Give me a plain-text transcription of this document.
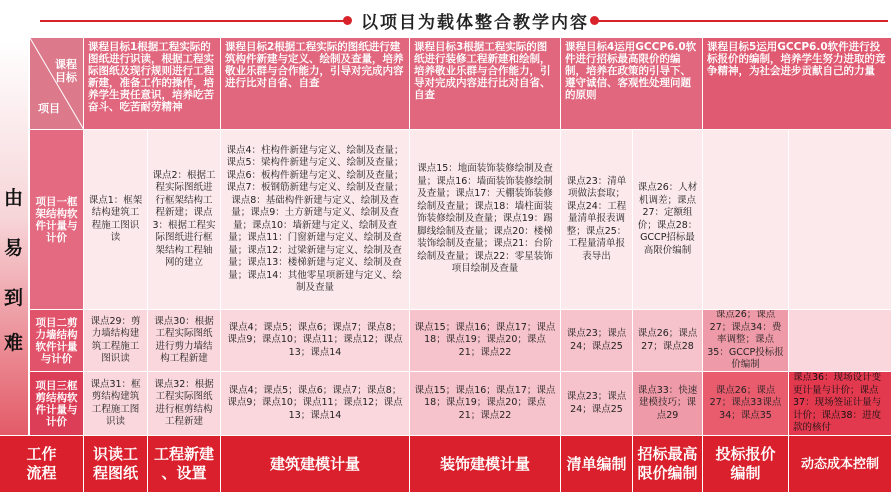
以项目为载体整合教学内容
由
易
到
难
课程目标
项目
课程目标1根据工程实际的图纸进行识读，根据工程实际图纸及现行规则进行工程新建，准备工作的操作，培养学生责任意识，培养吃苦奋斗、吃苦耐劳精神
课程目标2根据工程实际的图纸进行建筑构件新建与定义、绘制及查量，培养敬业乐群与合作能力，引导对完成内容进行比对自省、自查
课程目标3根据工程实际的图纸进行装修工程新建和绘制，培养敬业乐群与合作能力，引导对完成内容进行比对自省、自查
课程目标4运用GCCP6.0软件进行招标最高限价的编制，培养在政策的引导下、遵守诚信、客观性处理问题的原则
课程目标5运用GCCP6.0软件进行投标报价的编制，培养学生努力进取的竞争精神，为社会进步贡献自己的力量
项目一框架结构软件计量与计价
课点1：框架结构建筑工程施工图识读
课点2：根据工程实际图纸进行框架结构工程新建；课点3：根据工程实际图纸进行框架结构工程轴网的建立
课点4：柱构件新建与定义、绘制及查量；课点5：梁构件新建与定义、绘制及查量；课点6：板构件新建与定义、绘制及查量；课点7：板钢筋新建与定义、绘制及查量；课点8：基础构件新建与定义、绘制及查量；课点9：土方新建与定义、绘制及查量；课点10：墙新建与定义、绘制及查量；课点11：门窗新建与定义、绘制及查量；课点12：过梁新建与定义、绘制及查量；课点13：楼梯新建与定义、绘制及查量；课点14：其他零星项新建与定义、绘制及查量
课点15：地面装饰装修绘制及查量；课点16：墙面装饰装修绘制及查量；课点17：天棚装饰装修绘制及查量；课点18：墙柱面装饰装修绘制及查量；课点19：踢脚线绘制及查量；课点20：楼梯装饰绘制及查量；课点21：台阶绘制及查量；课点22：零星装饰项目绘制及查量
课点23：清单项做法套取；课点24：工程量清单报表调整；课点25：工程量清单报表导出
课点26：人材机调差；课点27：定额组价；课点28：GCCP招标最高限价编制
项目二剪力墙结构软件计量与计价
课点29：剪力墙结构建筑工程施工图识读
课点30：根据工程实际图纸进行剪力墙结构工程新建
课点4；课点5；课点6；课点7；课点8；课点9；课点10；课点11；课点12；课点13；课点14
课点15；课点16；课点17；课点18；课点19；课点20；课点21；课点22
课点23；课点24；课点25
课点26；课点27；课点28
课点26；课点27；课点34：费率调整；课点35：GCCP投标报价编制
项目三框剪结构软件计量与计价
课点31：框剪结构建筑工程施工图识读
课点32：根据工程实际图纸进行框剪结构工程新建
课点4；课点5；课点6；课点7；课点8；课点9；课点10；课点11；课点12；课点13；课点14
课点15；课点16；课点17；课点18；课点19；课点20；课点21；课点22
课点23；课点24；课点25
课点33：快速建模技巧；课点29
课点26；课点27；课点33课点34；课点35
课点36：现场设计变更计量与计价；课点37：现场签证计量与计价；课点38：进度款的核付
工作
流程
识读工
程图纸
工程新建
、设置
建筑建模计量	装饰建模计量 清单编制
招标最高
限价编制
投标报价
编制	动态成本控制
